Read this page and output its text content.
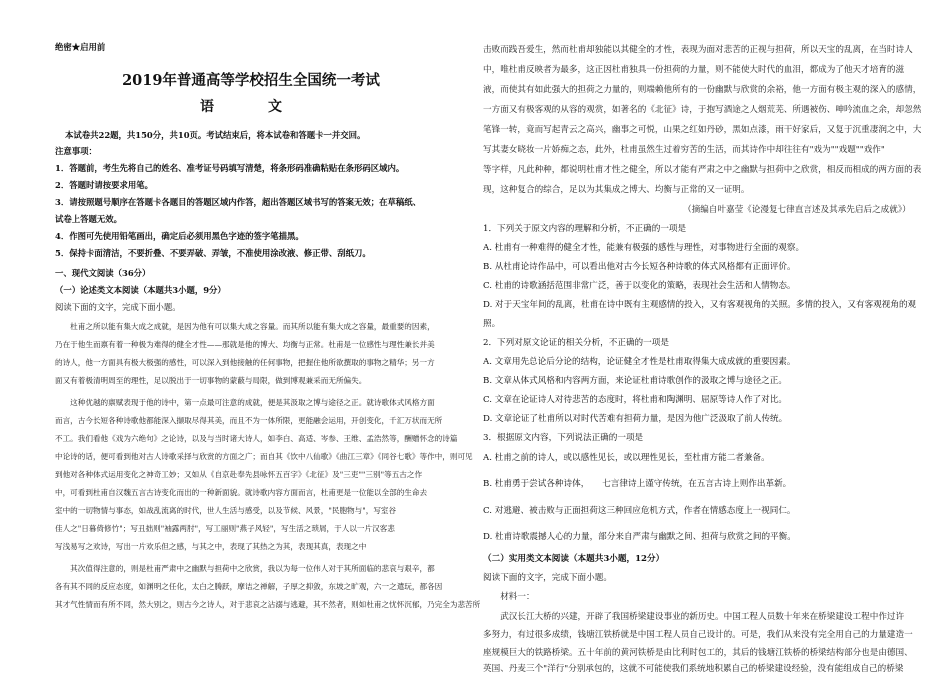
绝密★启用前
2019年普通高等学校招生全国统一考试
语　文
本试卷共22题，共150分，共10页。考试结束后，将本试卷和答题卡一并交回。
注意事项：
1．答题前，考生先将自己的姓名、准考证号码填写清楚，将条形码准确粘贴在条形码区域内。
2．答题时请按要求用笔。
3．请按照题号顺序在答题卡各题目的答题区域内作答，超出答题区域书写的答案无效；在草稿纸、
试卷上答题无效。
4．作图可先使用铅笔画出，确定后必须用黑色字迹的签字笔描黑。
5．保持卡面清洁，不要折叠、不要弄破、弄皱，不准使用涂改液、修正带、刮纸刀。
一、现代文阅读（36分）
（一）论述类文本阅读（本题共3小题，9分）
阅读下面的文字，完成下面小题。
　　杜甫之所以能有集大成之成就，是因为他有可以集大成之容量。而其所以能有集大成之容量，最重要的因素，
乃在于他生而禀有着一种极为难得的健全才性——那就是他的博大、均衡与正常。杜甫是一位感性与理性兼长并美
的诗人，他一方面具有极大极强的感性，可以深入到他接触的任何事物，把握住他所欲撰取的事物之精华；另一方
面又有着极清明周至的理性，足以脱出于一切事物的蒙蔽与局限，做到博观兼采而无所偏失。
　　这种优越的禀赋表现于他的诗中，第一点最可注意的成就，便是其汲取之博与途径之正。就诗歌体式风格方面
而言，古今长短各种诗歌他都能深入撷取尽得其美，而且不为一体所限，更能融会运用，开创变化，千汇万状而无所
不工。我们看他《戏为六绝句》之论诗，以及与当时诸大诗人，如李白、高适、岑参、王维、孟浩然等，酬赠怀念的诗篇
中论诗的话，便可看到他对古人诗歌采择与欣赏的方面之广；而自其《饮中八仙歌》《曲江三章》《同谷七歌》等作中，则可见
到他对各种体式运用变化之神奇工妙；又如从《自京赴奉先县咏怀五百字》《北征》及"三吏""三别"等五古之作
中，可看到杜甫自汉魏五言古诗变化而出的一种新面貌。就诗歌内容方面而言，杜甫更是一位能以全部的生命去
室中的一切物情与事态，如战乱流离的时代，世人生活与感受，以及节候、风景，"民胞物与"，写室谷
佳人之"日暮倚修竹"；写丑拙则"袖露两肘"，写工丽则"燕子风轻"，写生活之琐屑，于人以一片汉客悲
写浅易写之欢诗，写出一片欢乐但之感，与其之中，表现了其热之为其，表现其真，表现之中
　　其次值得注意的，则是杜甫严肃中之幽默与担荷中之欣赏，我以为每一位伟人对于其所面临的悲哀与艰辛，都
各有其不同的反应态度，如渊明之任化，太白之腾跃，摩诘之禅解，子厚之抑敛，东坡之旷观，六一之遣玩，都各因
其才气性情而有所不同，然大别之，则古今之诗人，对于悲哀之沾溺与逃避，其不然者，则如杜甫之忧怀沉郁，乃完全为悲苦所
击败而践吾爱生，然而杜甫却独能以其健全的才性，表现为面对悲苦的正视与担荷，所以天宝的乱离，在当时诗人
中，唯杜甫反映者为最多，这正因杜甫独具一份担荷的力量，则不能使大时代的血泪，都成为了他天才培育的滋
液，而使其有如此强大的担荷之力量的，则端赖他所有的一份幽默与欣赏的余裕，他一方面有极主观的深入的感情，
一方面又有极客观的从容的观赏，如著名的《北征》诗，于抱写酒途之人烟荒芜、所遇被伤、呻吟流血之余，却忽然
笔锋一转，竟而写起青云之高兴，幽事之可悦，山果之红如丹砂，黑如点漆，雨干好家后，又复于沉重凄润之中，大
写其妻女晓妆一片娇痴之态，此外，杜甫虽然生过着穷苦的生活，而其诗作中却往往有"戏为""戏题""戏作"
等字样，凡此种种，都说明杜甫才性之健全，所以才能有严肃之中之幽默与担荷中之欣赏，相反而相成的两方面的表
现，这种复合的综合，足以为其集成之博大、均衡与正常的又一证明。
（摘编自叶嘉莹《论漫复七律直言述及其承先启后之成就》）
1．下列关于原文内容的理解和分析，不正确的一项是
A. 杜甫有一种难得的健全才性，能兼有极强的感性与理性，对事物进行全面的观察。
B. 从杜甫论诗作品中，可以看出他对古今长短各种诗歌的体式风格都有正面评价。
C. 杜甫的诗歌涵括范围非常广泛，善于以变化的策略，表现社会生活和人情物态。
D. 对于天宝年间的乱离，杜甫在诗中既有主观感情的投入，又有客观视角的关照。多情的投入，又有客观视角的观
照。
2．下列对原文论证的相关分析，不正确的一项是
A. 文章用先总论后分论的结构，论证健全才性是杜甫取得集大成成就的重要因素。
B. 文章从体式风格和内容两方面，来论证杜甫诗歌创作的汲取之博与途径之正。
C. 文章在论证诗人对待悲苦的态度时，将杜甫和陶渊明、屈原等诗人作了对比。
D. 文章论证了杜甫所以对时代苦难有担荷力量，是因为他广泛汲取了前人传统。
3．根据原文内容，下列说法正确的一项是
A. 杜甫之前的诗人，或以感性见长，或以理性见长，至杜甫方能二者兼备。
B. 杜甫勇于尝试各种诗体，　　七言律诗上谨守传统，在五言古诗上则作出革新。
C. 对逃避、被击败与正面担荷这三种回应危机方式，作者在情感态度上一视同仁。
D. 杜甫诗歌震撼人心的力量，部分来自严肃与幽默之间、担荷与欣赏之间的平衡。
（二）实用类文本阅读（本题共3小题，12分）
阅读下面的文字，完成下面小题。
　　材料一：
　　武汉长江大桥的兴建，开辟了我国桥梁建设事业的新历史。中国工程人员数十年来在桥梁建设工程中作过许
多努力，有过很多成绩，钱塘江铁桥就是中国工程人员自己设计的。可是，我们从来没有完全用自己的力量建造一
座规模巨大的铁路桥梁。五十年前的黄河铁桥是由比利时包工的，其后的钱塘江铁桥的桥梁结构部分也是由德国、
英国、丹麦三个"洋行"分别承包的，这就不可能使我们系统地积累自己的桥梁建设经验，没有能组成自己的桥梁
